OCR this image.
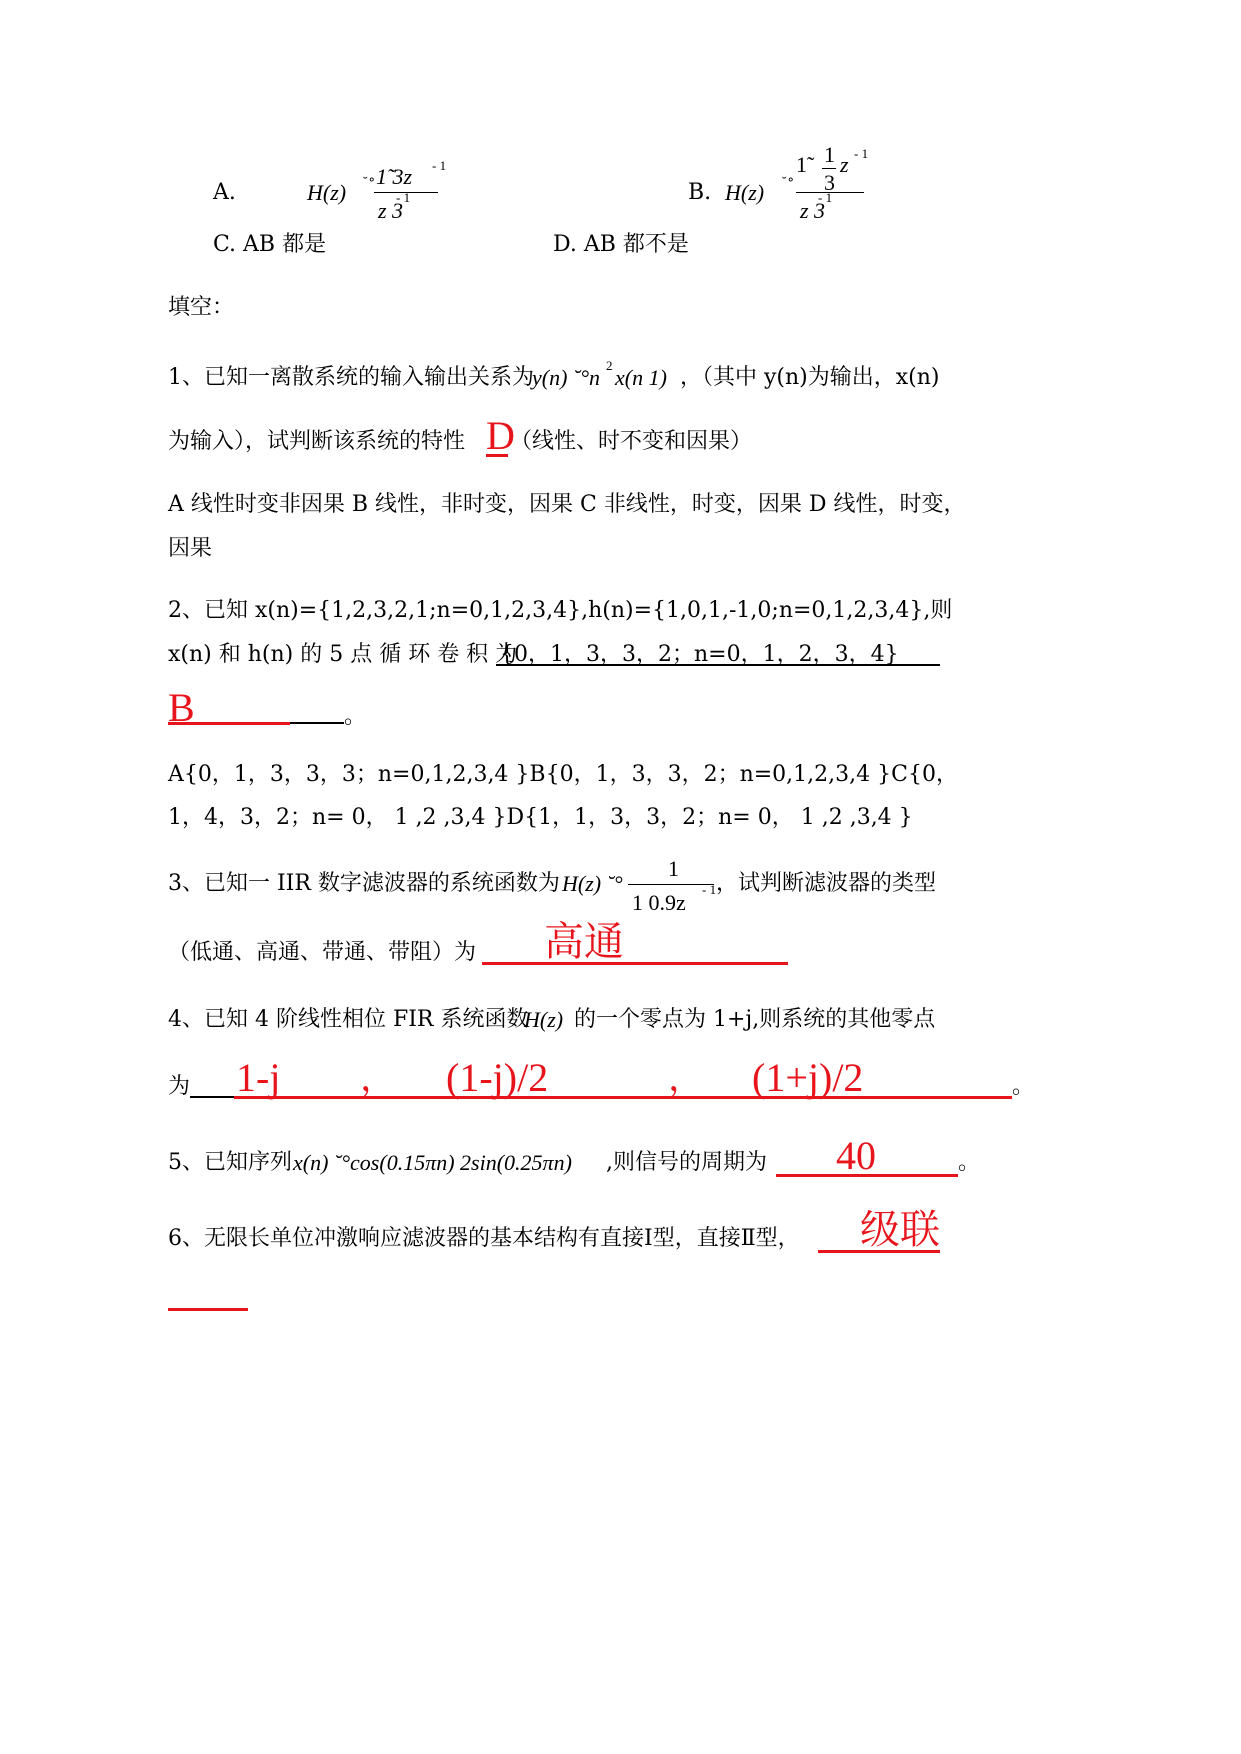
A.	H(z) ˘° 1̃ 3z - 1
z 3
- 1	B. H(z) ˘°
1̃ 1
3
z - 1
z 3
- 1
C. AB 都是	D. AB 都不是
填空：
1、已知一离散系统的输入输出关系为
y(n) ˘°n 2 x(n 1) ，（其中 y(n)为输出，x(n)
为输入），试判断该系统的特性 D
（线性、时不变和因果）
A 线性时变非因果 B 线性，非时变，因果 C 非线性，时变，因果 D 线性，时变，
因果
2、已知 x(n)={1,2,3,2,1;n=0,1,2,3,4},h(n)={1,0,1,-1,0;n=0,1,2,3,4},则
x(n) 和 h(n) 的 5 点 循 环 卷 积 为
{0，1，3，3，2；n=0，1，2，3，4}
B	。
A{0，1，3，3，3；n=0,1,2,3,4 }B{0，1，3，3，2；n=0,1,2,3,4 }C{0，
1，4，3，2；n= 0， 1 ,2 ,3,4 }D{1，1，3，3，2；n= 0， 1 ,2 ,3,4 }
3、已知一 IIR 数字滤波器的系统函数为 H(z) ˘°
1
1 0.9z
- 1 ，试判断滤波器的类型
（低通、高通、带通、带阻）为 高通
4、已知 4 阶线性相位 FIR 系统函数
H(z) 的一个零点为 1+j,则系统的其他零点
为 1-j ， (1-j)/2	， (1+j)/2	。
5、已知序列 x(n) ˘°cos(0.15πn) 2sin(0.25πn) ,则信号的周期为 40	。
6、无限长单位冲激响应滤波器的基本结构有直接Ⅰ型，直接Ⅱ型， 级联
